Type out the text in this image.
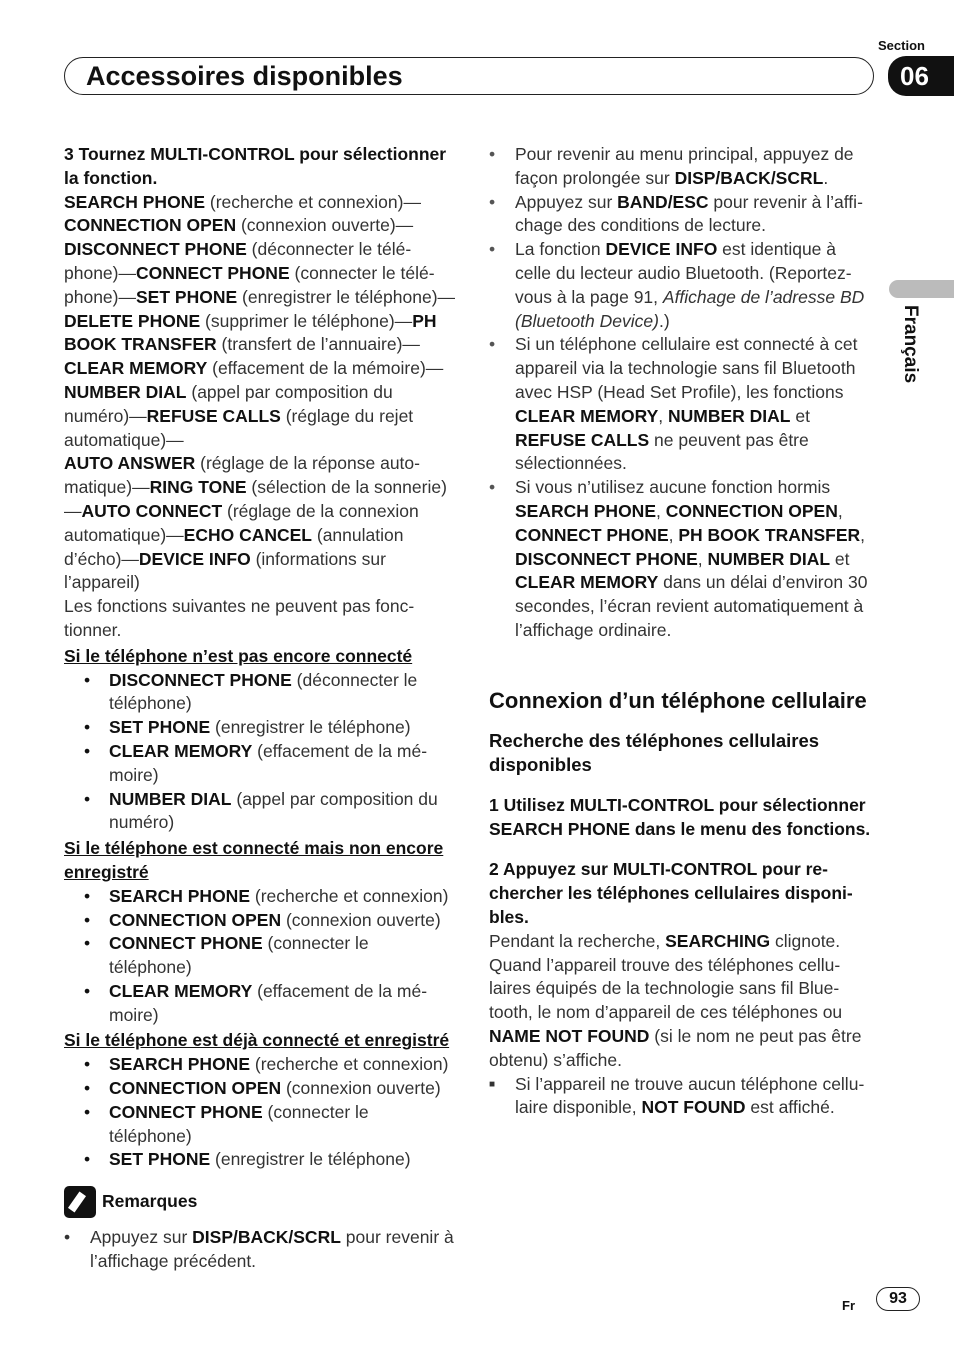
Accessoires disponibles
Section
06
Français

3 Tournez MULTI-CONTROL pour sélectionner la fonction.

SEARCH PHONE (recherche et connexion)—CONNECTION OPEN (connexion ouverte)—DISCONNECT PHONE (déconnecter le téléphone)—CONNECT PHONE (connecter le téléphone)—SET PHONE (enregistrer le téléphone)—DELETE PHONE (supprimer le téléphone)—PH BOOK TRANSFER (transfert de l’annuaire)—CLEAR MEMORY (effacement de la mémoire)—NUMBER DIAL (appel par composition du numéro)—REFUSE CALLS (réglage du rejet automatique)—

AUTO ANSWER (réglage de la réponse automatique)—RING TONE (sélection de la sonnerie)—AUTO CONNECT (réglage de la connexion automatique)—ECHO CANCEL (annulation d’écho)—DEVICE INFO (informations sur l’appareil)

Les fonctions suivantes ne peuvent pas fonctionner.

Si le téléphone n’est pas encore connecté

• DISCONNECT PHONE (déconnecter le téléphone)
• SET PHONE (enregistrer le téléphone)
• CLEAR MEMORY (effacement de la mémoire)
• NUMBER DIAL (appel par composition du numéro)

Si le téléphone est connecté mais non encore enregistré

• SEARCH PHONE (recherche et connexion)
• CONNECTION OPEN (connexion ouverte)
• CONNECT PHONE (connecter le téléphone)
• CLEAR MEMORY (effacement de la mémoire)

Si le téléphone est déjà connecté et enregistré

• SEARCH PHONE (recherche et connexion)
• CONNECTION OPEN (connexion ouverte)
• CONNECT PHONE (connecter le téléphone)
• SET PHONE (enregistrer le téléphone)
Remarques
• Appuyez sur DISP/BACK/SCRL pour revenir à l’affichage précédent.
• Pour revenir au menu principal, appuyez de façon prolongée sur DISP/BACK/SCRL.
• Appuyez sur BAND/ESC pour revenir à l’affichage des conditions de lecture.
• La fonction DEVICE INFO est identique à celle du lecteur audio Bluetooth. (Reportez-vous à la page 91, Affichage de l’adresse BD (Bluetooth Device).)
• Si un téléphone cellulaire est connecté à cet appareil via la technologie sans fil Bluetooth avec HSP (Head Set Profile), les fonctions CLEAR MEMORY, NUMBER DIAL et REFUSE CALLS ne peuvent pas être sélectionnées.
• Si vous n’utilisez aucune fonction hormis SEARCH PHONE, CONNECTION OPEN, CONNECT PHONE, PH BOOK TRANSFER, DISCONNECT PHONE, NUMBER DIAL et CLEAR MEMORY dans un délai d’environ 30 secondes, l’écran revient automatiquement à l’affichage ordinaire.
Connexion d’un téléphone cellulaire
Recherche des téléphones cellulaires disponibles

1 Utilisez MULTI-CONTROL pour sélectionner SEARCH PHONE dans le menu des fonctions.

2 Appuyez sur MULTI-CONTROL pour rechercher les téléphones cellulaires disponibles.

Pendant la recherche, SEARCHING clignote. Quand l’appareil trouve des téléphones cellulaires équipés de la technologie sans fil Bluetooth, le nom d’appareil de ces téléphones ou NAME NOT FOUND (si le nom ne peut pas être obtenu) s’affiche.

■ Si l’appareil ne trouve aucun téléphone cellulaire disponible, NOT FOUND est affiché.
Fr	93
